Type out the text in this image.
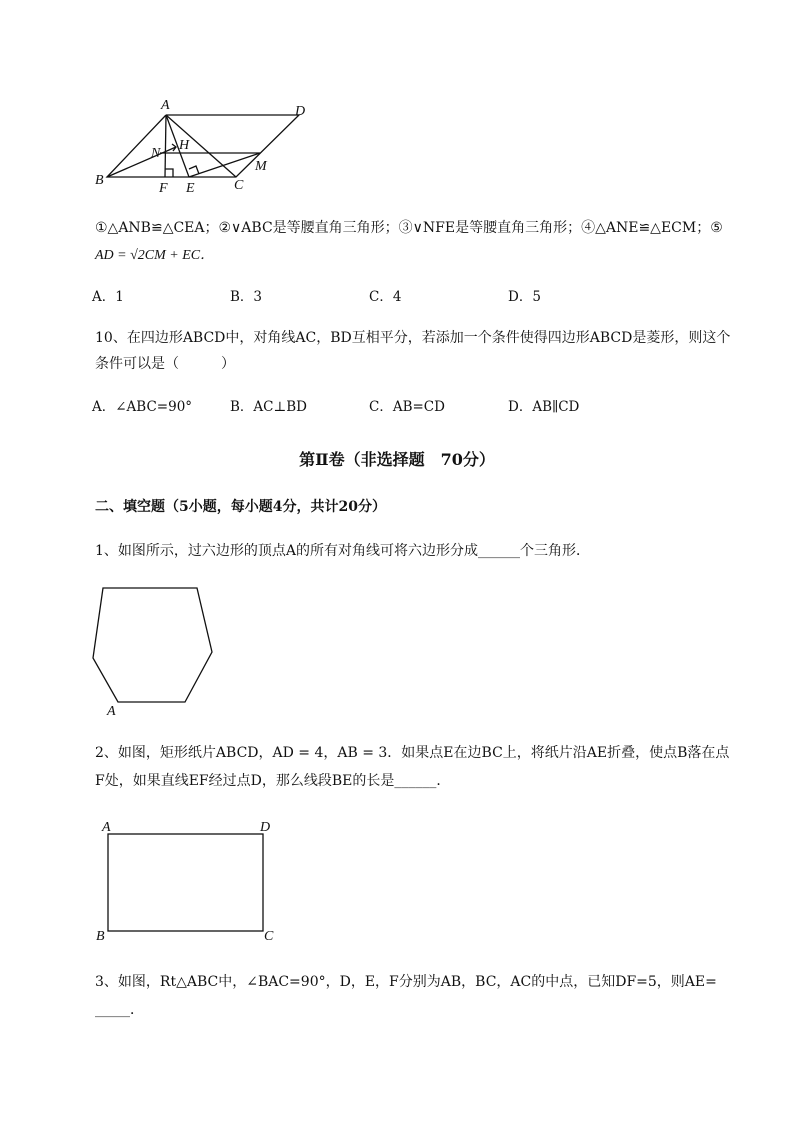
A	D
H
N
M
B
F E	C
①△ANB≌△CEA；②∨ABC是等腰直角三角形；③∨NFE是等腰直角三角形；④△ANE≌△ECM；⑤
AD = √2CM + EC．
A．1	B．3	C．4	D．5
10、在四边形ABCD中，对角线AC，BD互相平分，若添加一个条件使得四边形ABCD是菱形，则这个
条件可以是（　　　）
A．∠ABC=90°	B．AC⊥BD	C．AB=CD	D．AB∥CD
第Ⅱ卷（非选择题　70分）
二、填空题（5小题，每小题4分，共计20分）
1、如图所示，过六边形的顶点A的所有对角线可将六边形分成______个三角形．
A
2、如图，矩形纸片ABCD，AD = 4，AB = 3．如果点E在边BC上，将纸片沿AE折叠，使点B落在点
F处，如果直线EF经过点D，那么线段BE的长是______．
A	D
B	C
3、如图，Rt△ABC中，∠BAC=90°，D，E，F分别为AB，BC，AC的中点，已知DF=5，则AE=
_____．
